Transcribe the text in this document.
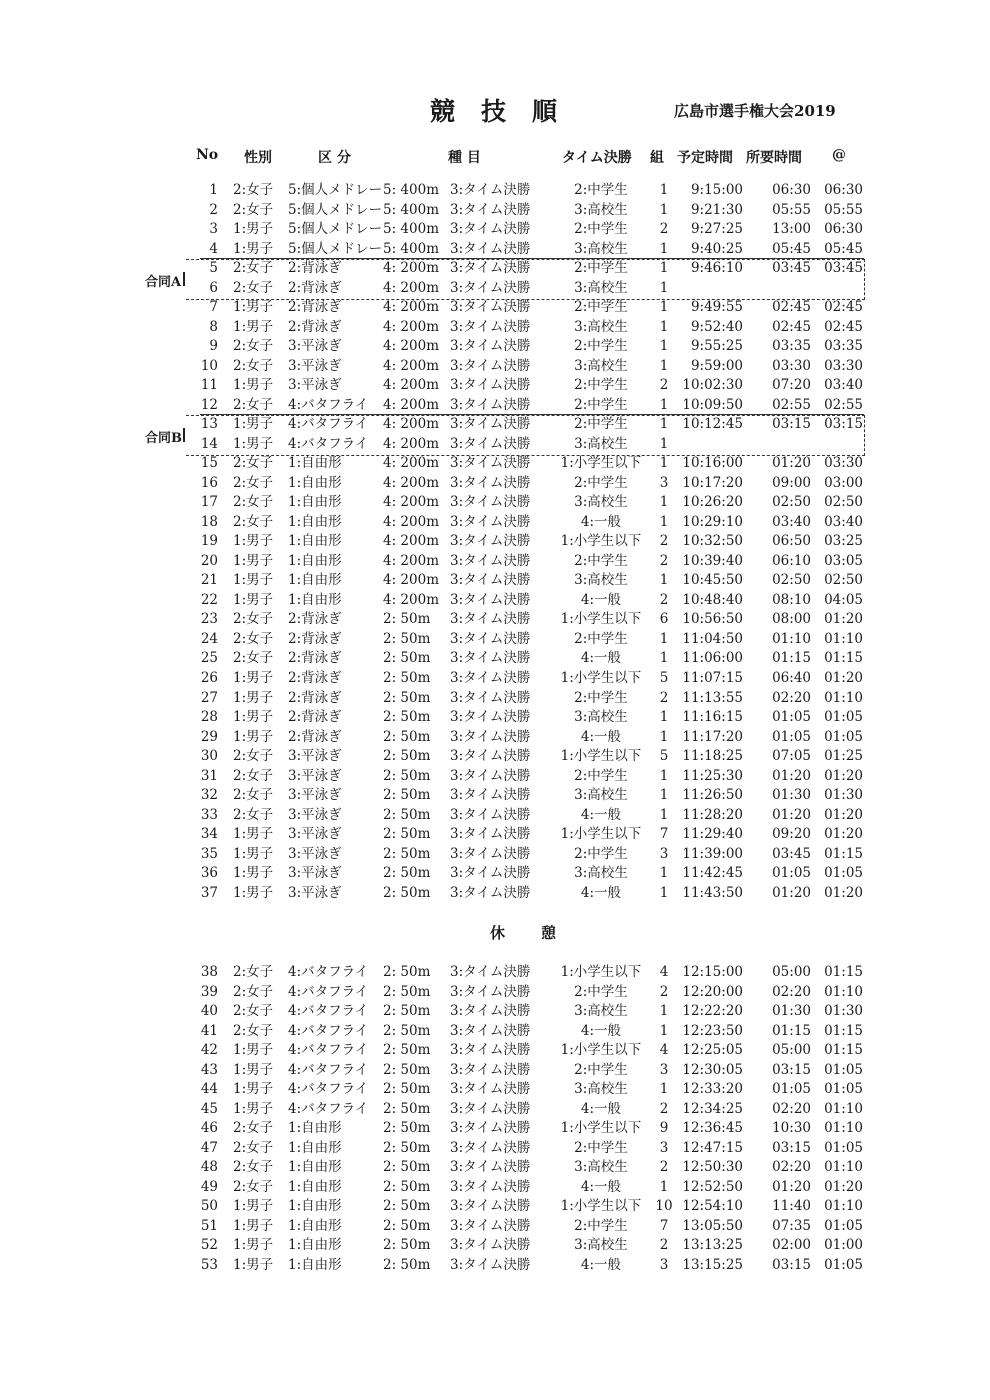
競技順	広島市選手権大会2019
No 性別	区 分	種 目	タイム決勝 組 予定時間 所要時間 @
1 2:女子 5:個人メドレー 5: 400m 3:タイム決勝	2:中学生	1	9:15:00	06:30 06:30
2 2:女子 5:個人メドレー 5: 400m 3:タイム決勝	3:高校生	1	9:21:30	05:55 05:55
3 1:男子 5:個人メドレー 5: 400m 3:タイム決勝	2:中学生	2	9:27:25	13:00 06:30
4 1:男子 5:個人メドレー 5: 400m 3:タイム決勝	3:高校生	1	9:40:25	05:45 05:45
5 2:女子 2:背泳ぎ	4: 200m 3:タイム決勝	2:中学生	1	9:46:10	03:45 03:45
6 2:女子 2:背泳ぎ	4: 200m 3:タイム決勝	3:高校生	1
7 1:男子 2:背泳ぎ	4: 200m 3:タイム決勝	2:中学生	1	9:49:55	02:45 02:45
8 1:男子 2:背泳ぎ	4: 200m 3:タイム決勝	3:高校生	1	9:52:40	02:45 02:45
9 2:女子 3:平泳ぎ	4: 200m 3:タイム決勝	2:中学生	1	9:55:25	03:35 03:35
10 2:女子 3:平泳ぎ	4: 200m 3:タイム決勝	3:高校生	1	9:59:00	03:30 03:30
11 1:男子 3:平泳ぎ	4: 200m 3:タイム決勝	2:中学生	2	10:02:30	07:20 03:40
12 2:女子 4:バタフライ 4: 200m 3:タイム決勝	2:中学生	1	10:09:50	02:55 02:55
13 1:男子 4:バタフライ 4: 200m 3:タイム決勝	2:中学生	1	10:12:45	03:15 03:15
14 1:男子 4:バタフライ 4: 200m 3:タイム決勝	3:高校生	1
15 2:女子 1:自由形	4: 200m 3:タイム決勝	1:小学生以下	1	10:16:00	01:20 03:30
16 2:女子 1:自由形	4: 200m 3:タイム決勝	2:中学生	3	10:17:20	09:00 03:00
17 2:女子 1:自由形	4: 200m 3:タイム決勝	3:高校生	1	10:26:20	02:50 02:50
18 2:女子 1:自由形	4: 200m 3:タイム決勝	4:一般	1	10:29:10	03:40 03:40
19 1:男子 1:自由形	4: 200m 3:タイム決勝	1:小学生以下	2	10:32:50	06:50 03:25
20 1:男子 1:自由形	4: 200m 3:タイム決勝	2:中学生	2	10:39:40	06:10 03:05
21 1:男子 1:自由形	4: 200m 3:タイム決勝	3:高校生	1	10:45:50	02:50 02:50
22 1:男子 1:自由形	4: 200m 3:タイム決勝	4:一般	2	10:48:40	08:10 04:05
23 2:女子 2:背泳ぎ	2: 50m 3:タイム決勝	1:小学生以下	6	10:56:50	08:00 01:20
24 2:女子 2:背泳ぎ	2: 50m 3:タイム決勝	2:中学生	1	11:04:50	01:10 01:10
25 2:女子 2:背泳ぎ	2: 50m 3:タイム決勝	4:一般	1	11:06:00	01:15 01:15
26 1:男子 2:背泳ぎ	2: 50m 3:タイム決勝	1:小学生以下	5	11:07:15	06:40 01:20
27 1:男子 2:背泳ぎ	2: 50m 3:タイム決勝	2:中学生	2	11:13:55	02:20 01:10
28 1:男子 2:背泳ぎ	2: 50m 3:タイム決勝	3:高校生	1	11:16:15	01:05 01:05
29 1:男子 2:背泳ぎ	2: 50m 3:タイム決勝	4:一般	1	11:17:20	01:05 01:05
30 2:女子 3:平泳ぎ	2: 50m 3:タイム決勝	1:小学生以下	5	11:18:25	07:05 01:25
31 2:女子 3:平泳ぎ	2: 50m 3:タイム決勝	2:中学生	1	11:25:30	01:20 01:20
32 2:女子 3:平泳ぎ	2: 50m 3:タイム決勝	3:高校生	1	11:26:50	01:30 01:30
33 2:女子 3:平泳ぎ	2: 50m 3:タイム決勝	4:一般	1	11:28:20	01:20 01:20
34 1:男子 3:平泳ぎ	2: 50m 3:タイム決勝	1:小学生以下	7	11:29:40	09:20 01:20
35 1:男子 3:平泳ぎ	2: 50m 3:タイム決勝	2:中学生	3	11:39:00	03:45 01:15
36 1:男子 3:平泳ぎ	2: 50m 3:タイム決勝	3:高校生	1	11:42:45	01:05 01:05
37 1:男子 3:平泳ぎ	2: 50m 3:タイム決勝	4:一般	1	11:43:50	01:20 01:20
合同A
合同B
休憩
38 2:女子 4:バタフライ 2: 50m 3:タイム決勝	1:小学生以下	4	12:15:00	05:00 01:15
39 2:女子 4:バタフライ 2: 50m 3:タイム決勝	2:中学生	2	12:20:00	02:20 01:10
40 2:女子 4:バタフライ 2: 50m 3:タイム決勝	3:高校生	1	12:22:20	01:30 01:30
41 2:女子 4:バタフライ 2: 50m 3:タイム決勝	4:一般	1	12:23:50	01:15 01:15
42 1:男子 4:バタフライ 2: 50m 3:タイム決勝	1:小学生以下	4	12:25:05	05:00 01:15
43 1:男子 4:バタフライ 2: 50m 3:タイム決勝	2:中学生	3	12:30:05	03:15 01:05
44 1:男子 4:バタフライ 2: 50m 3:タイム決勝	3:高校生	1	12:33:20	01:05 01:05
45 1:男子 4:バタフライ 2: 50m 3:タイム決勝	4:一般	2	12:34:25	02:20 01:10
46 2:女子 1:自由形	2: 50m 3:タイム決勝	1:小学生以下	9	12:36:45	10:30 01:10
47 2:女子 1:自由形	2: 50m 3:タイム決勝	2:中学生	3	12:47:15	03:15 01:05
48 2:女子 1:自由形	2: 50m 3:タイム決勝	3:高校生	2	12:50:30	02:20 01:10
49 2:女子 1:自由形	2: 50m 3:タイム決勝	4:一般	1	12:52:50	01:20 01:20
50 1:男子 1:自由形	2: 50m 3:タイム決勝	1:小学生以下	10 12:54:10	11:40 01:10
51 1:男子 1:自由形	2: 50m 3:タイム決勝	2:中学生	7	13:05:50	07:35 01:05
52 1:男子 1:自由形	2: 50m 3:タイム決勝	3:高校生	2	13:13:25	02:00 01:00
53 1:男子 1:自由形	2: 50m 3:タイム決勝	4:一般	3	13:15:25	03:15 01:05
